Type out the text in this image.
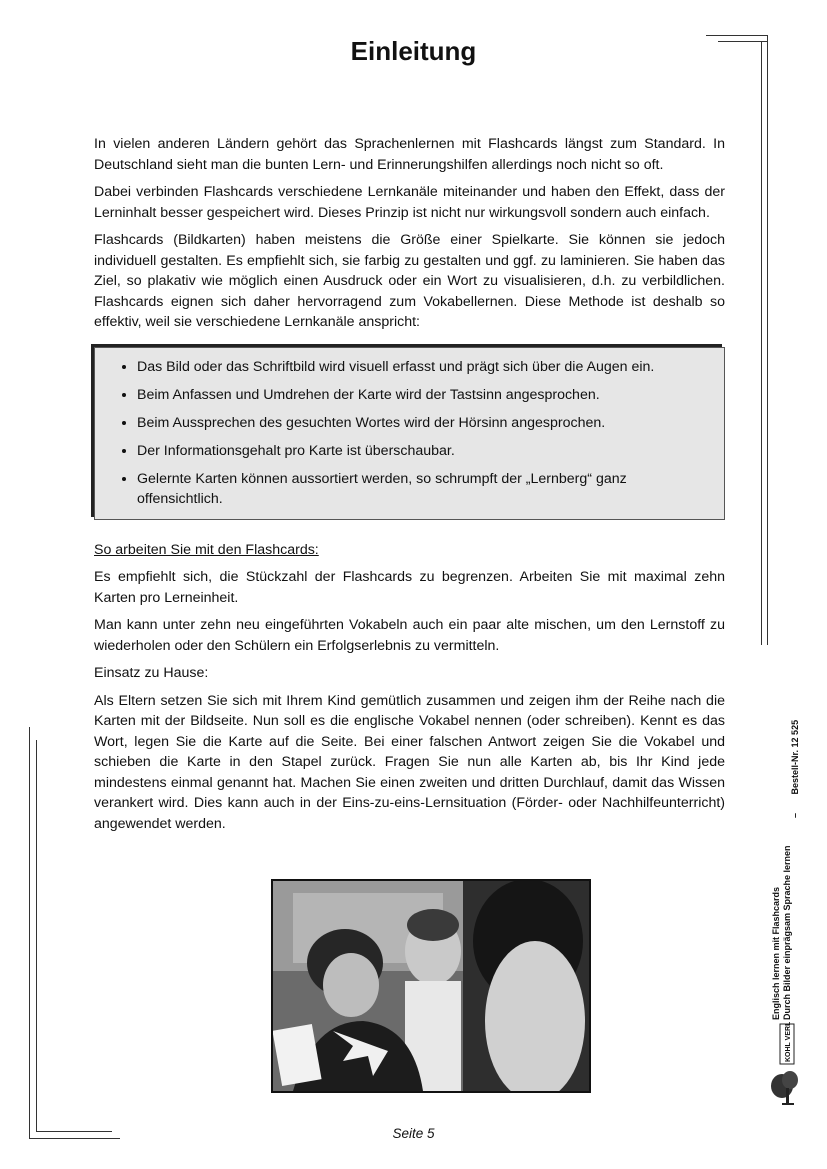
Einleitung

In vielen anderen Ländern gehört das Sprachenlernen mit Flashcards längst zum Standard. In Deutschland sieht man die bunten Lern- und Erinnerungshilfen allerdings noch nicht so oft.

Dabei verbinden Flashcards verschiedene Lernkanäle miteinander und haben den Effekt, dass der Lerninhalt besser gespeichert wird. Dieses Prinzip ist nicht nur wirkungsvoll sondern auch einfach.

Flashcards (Bildkarten) haben meistens die Größe einer Spielkarte. Sie können sie jedoch individuell gestalten. Es empfiehlt sich, sie farbig zu gestalten und ggf. zu laminieren. Sie haben das Ziel, so plakativ wie möglich einen Ausdruck oder ein Wort zu visualisieren, d.h. zu verbildlichen. Flashcards eignen sich daher hervorragend zum Vokabellernen. Diese Methode ist deshalb so effektiv, weil sie verschiedene Lernkanäle anspricht:

• Das Bild oder das Schriftbild wird visuell erfasst und prägt sich über die Augen ein.
• Beim Anfassen und Umdrehen der Karte wird der Tastsinn angesprochen.
• Beim Aussprechen des gesuchten Wortes wird der Hörsinn angesprochen.
• Der Informationsgehalt pro Karte ist überschaubar.
• Gelernte Karten können aussortiert werden, so schrumpft der „Lernberg“ ganz offensichtlich.

So arbeiten Sie mit den Flashcards:

Es empfiehlt sich, die Stückzahl der Flashcards zu begrenzen. Arbeiten Sie mit maximal zehn Karten pro Lerneinheit.

Man kann unter zehn neu eingeführten Vokabeln auch ein paar alte mischen, um den Lernstoff zu wiederholen oder den Schülern ein Erfolgserlebnis zu vermitteln.

Einsatz zu Hause:

Als Eltern setzen Sie sich mit Ihrem Kind gemütlich zusammen und zeigen ihm der Reihe nach die Karten mit der Bildseite. Nun soll es die englische Vokabel nennen (oder schreiben). Kennt es das Wort, legen Sie die Karte auf die Seite. Bei einer falschen Antwort zeigen Sie die Vokabel und schieben die Karte in den Stapel zurück. Fragen Sie nun alle Karten ab, bis Ihr Kind jede mindestens einmal genannt hat. Machen Sie einen zweiten und dritten Durchlauf, damit das Wissen verankert wird. Dies kann auch in der Eins-zu-eins-Lernsituation (Förder- oder Nachhilfeunterricht) angewendet werden.

Seite 5
Englisch lernen mit Flashcards Durch Bilder einprägsam Sprache lernen
– Bestell-Nr. 12 525
KOHL VERLAG
